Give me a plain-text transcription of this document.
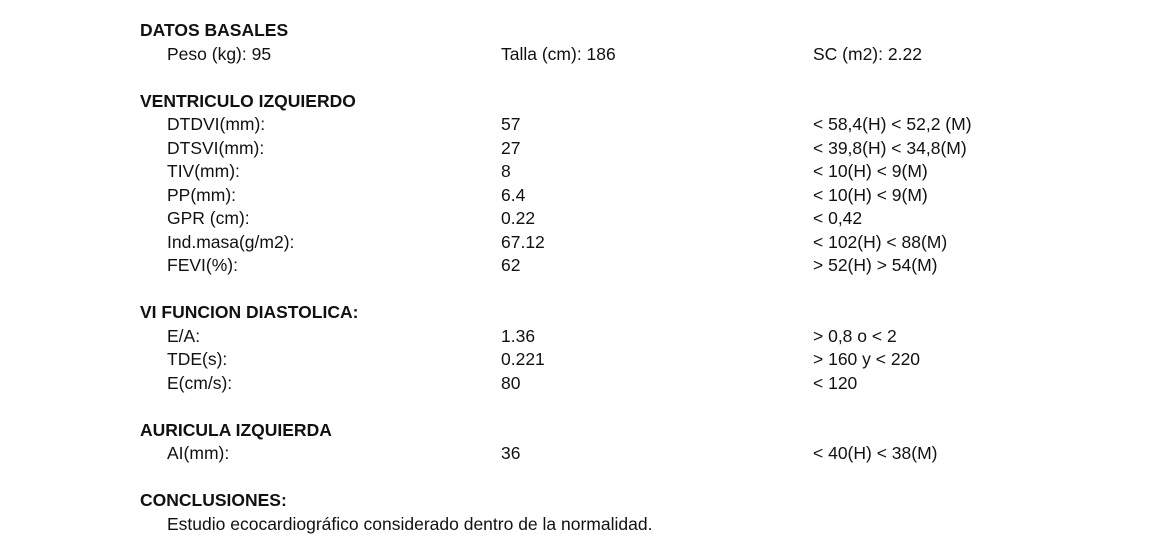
DATOS BASALES
Peso (kg): 95	Talla (cm): 186	SC (m2): 2.22
VENTRICULO IZQUIERDO
DTDVI(mm):	57	< 58,4(H) < 52,2 (M)
DTSVI(mm):	27	< 39,8(H) < 34,8(M)
TIV(mm):	8	< 10(H) < 9(M)
PP(mm):	6.4	< 10(H) < 9(M)
GPR (cm):	0.22	< 0,42
Ind.masa(g/m2):	67.12	< 102(H) < 88(M)
FEVI(%):	62	> 52(H) > 54(M)
VI FUNCION DIASTOLICA:
E/A:	1.36	> 0,8 o < 2
TDE(s):	0.221	> 160 y < 220
E(cm/s):	80	< 120
AURICULA IZQUIERDA
AI(mm):	36	< 40(H) < 38(M)
CONCLUSIONES:
Estudio ecocardiográfico considerado dentro de la normalidad.
